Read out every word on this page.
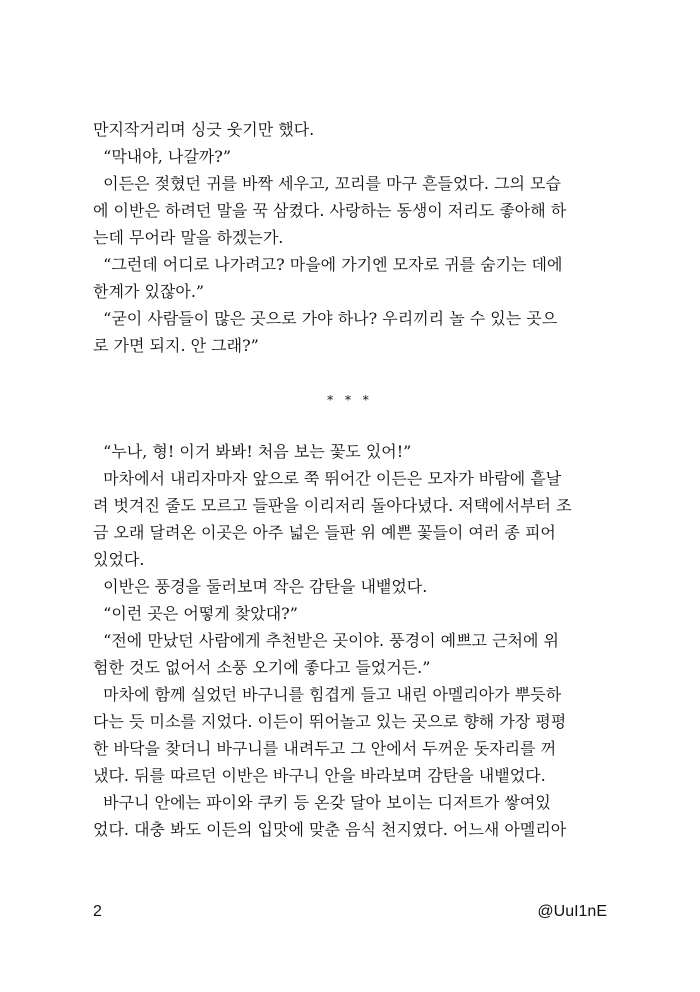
만지작거리며 싱긋 웃기만 했다.
“막내야, 나갈까?”
이든은 젖혔던 귀를 바짝 세우고, 꼬리를 마구 흔들었다. 그의 모습
에 이반은 하려던 말을 꾹 삼켰다. 사랑하는 동생이 저리도 좋아해 하
는데 무어라 말을 하겠는가.
“그런데 어디로 나가려고? 마을에 가기엔 모자로 귀를 숨기는 데에
한계가 있잖아.”
“굳이 사람들이 많은 곳으로 가야 하나? 우리끼리 놀 수 있는 곳으
로 가면 되지. 안 그래?”
* * *
“누나, 형! 이거 봐봐! 처음 보는 꽃도 있어!”
마차에서 내리자마자 앞으로 쭉 뛰어간 이든은 모자가 바람에 흩날
려 벗겨진 줄도 모르고 들판을 이리저리 돌아다녔다. 저택에서부터 조
금 오래 달려온 이곳은 아주 넓은 들판 위 예쁜 꽃들이 여러 종 피어
있었다.
이반은 풍경을 둘러보며 작은 감탄을 내뱉었다.
“이런 곳은 어떻게 찾았대?”
“전에 만났던 사람에게 추천받은 곳이야. 풍경이 예쁘고 근처에 위
험한 것도 없어서 소풍 오기에 좋다고 들었거든.”
마차에 함께 실었던 바구니를 힘겹게 들고 내린 아멜리아가 뿌듯하
다는 듯 미소를 지었다. 이든이 뛰어놀고 있는 곳으로 향해 가장 평평
한 바닥을 찾더니 바구니를 내려두고 그 안에서 두꺼운 돗자리를 꺼
냈다. 뒤를 따르던 이반은 바구니 안을 바라보며 감탄을 내뱉었다.
바구니 안에는 파이와 쿠키 등 온갖 달아 보이는 디저트가 쌓여있
었다. 대충 봐도 이든의 입맛에 맞춘 음식 천지였다. 어느새 아멜리아
2	@UuI1nE
